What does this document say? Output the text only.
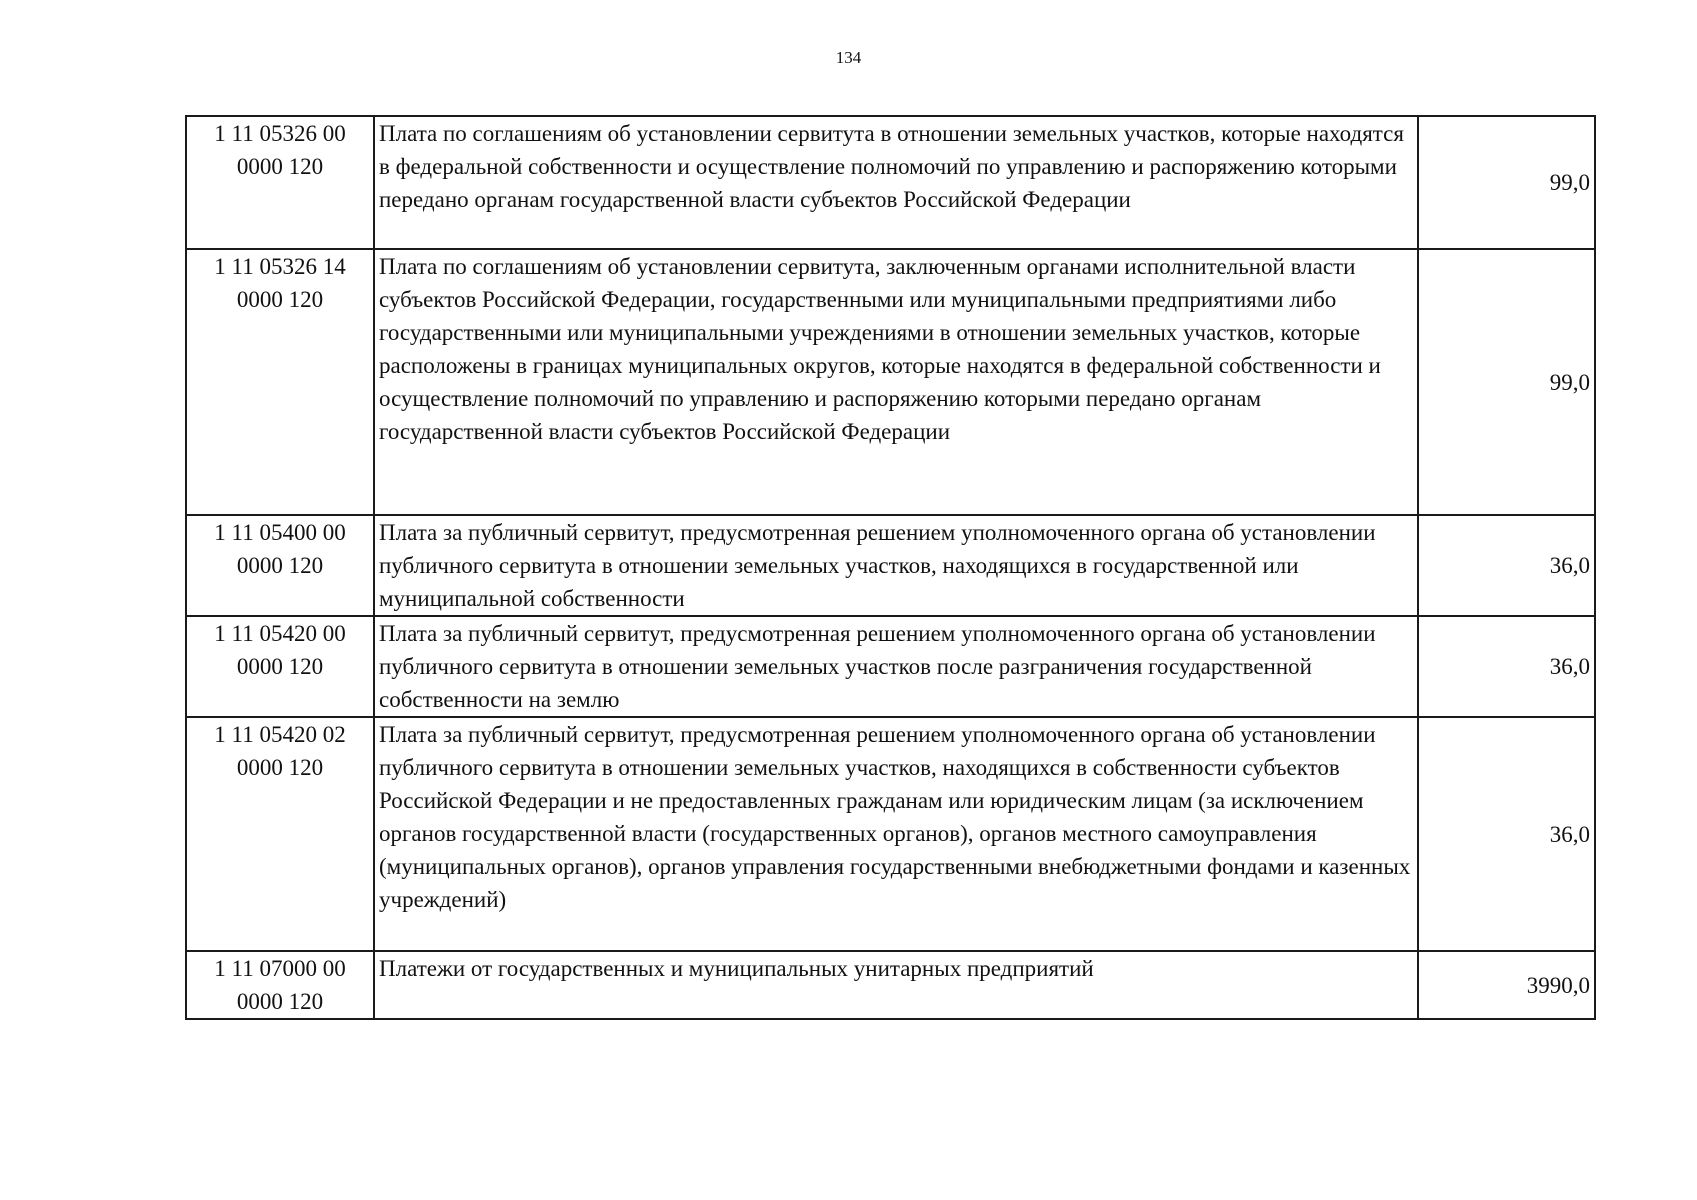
134
1 11 05326 00
0000 120	Плата по соглашениям об установлении сервитута в отношении земельных участков, которые находятся в федеральной собственности и осуществление полномочий по управлению и распоряжению которыми передано органам государственной власти субъектов Российской Федерации	99,0

1 11 05326 14
0000 120	Плата по соглашениям об установлении сервитута, заключенным органами исполнительной власти субъектов Российской Федерации, государственными или муниципальными предприятиями либо государственными или муниципальными учреждениями в отношении земельных участков, которые расположены в границах муниципальных округов, которые находятся в федеральной собственности и осуществление полномочий по управлению и распоряжению которыми передано органам государственной власти субъектов Российской Федерации	99,0

1 11 05400 00
0000 120	Плата за публичный сервитут, предусмотренная решением уполномоченного органа об установлении публичного сервитута в отношении земельных участков, находящихся в государственной или муниципальной собственности	36,0

1 11 05420 00
0000 120	Плата за публичный сервитут, предусмотренная решением уполномоченного органа об установлении публичного сервитута в отношении земельных участков после разграничения государственной собственности на землю	36,0

1 11 05420 02
0000 120	Плата за публичный сервитут, предусмотренная решением уполномоченного органа об установлении публичного сервитута в отношении земельных участков, находящихся в собственности субъектов Российской Федерации и не предоставленных гражданам или юридическим лицам (за исключением органов государственной власти (государственных органов), органов местного самоуправления (муниципальных органов), органов управления государственными внебюджетными фондами и казенных учреждений)	36,0

1 11 07000 00
0000 120	Платежи от государственных и муниципальных унитарных предприятий	3990,0
